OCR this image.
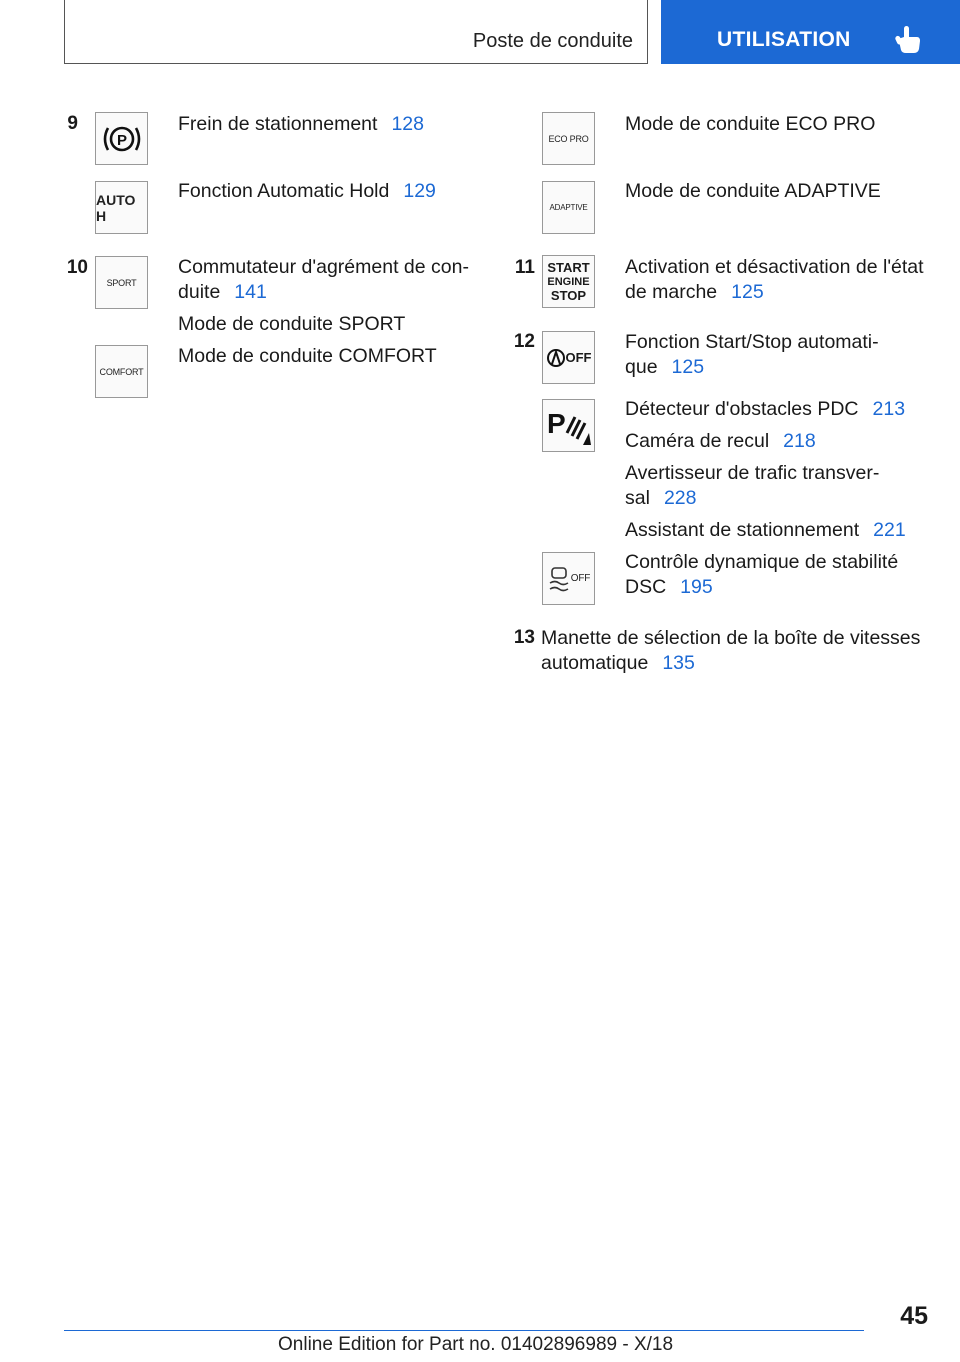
Poste de conduite	UTILISATION
9
P
Frein de stationnement 128
AUTO H
Fonction Automatic Hold 129
10
SPORT
Commutateur d'agrément de con-
duite 141
Mode de conduite SPORT
COMFORT
Mode de conduite COMFORT
ECO PRO
Mode de conduite ECO PRO
ADAPTIVE
Mode de conduite ADAPTIVE
11 START
ENGINE
STOP
Activation et désactivation de l'état
de marche 125
12
OFF
Fonction Start/Stop automati-
que 125
P	Détecteur d'obstacles PDC 213
Caméra de recul 218
Avertisseur de trafic transver-
sal 228
Assistant de stationnement 221
OFF
Contrôle dynamique de stabilité
DSC 195
13 Manette de sélection de la boîte de vitesses
automatique 135
45
Online Edition for Part no. 01402896989 - X/18
